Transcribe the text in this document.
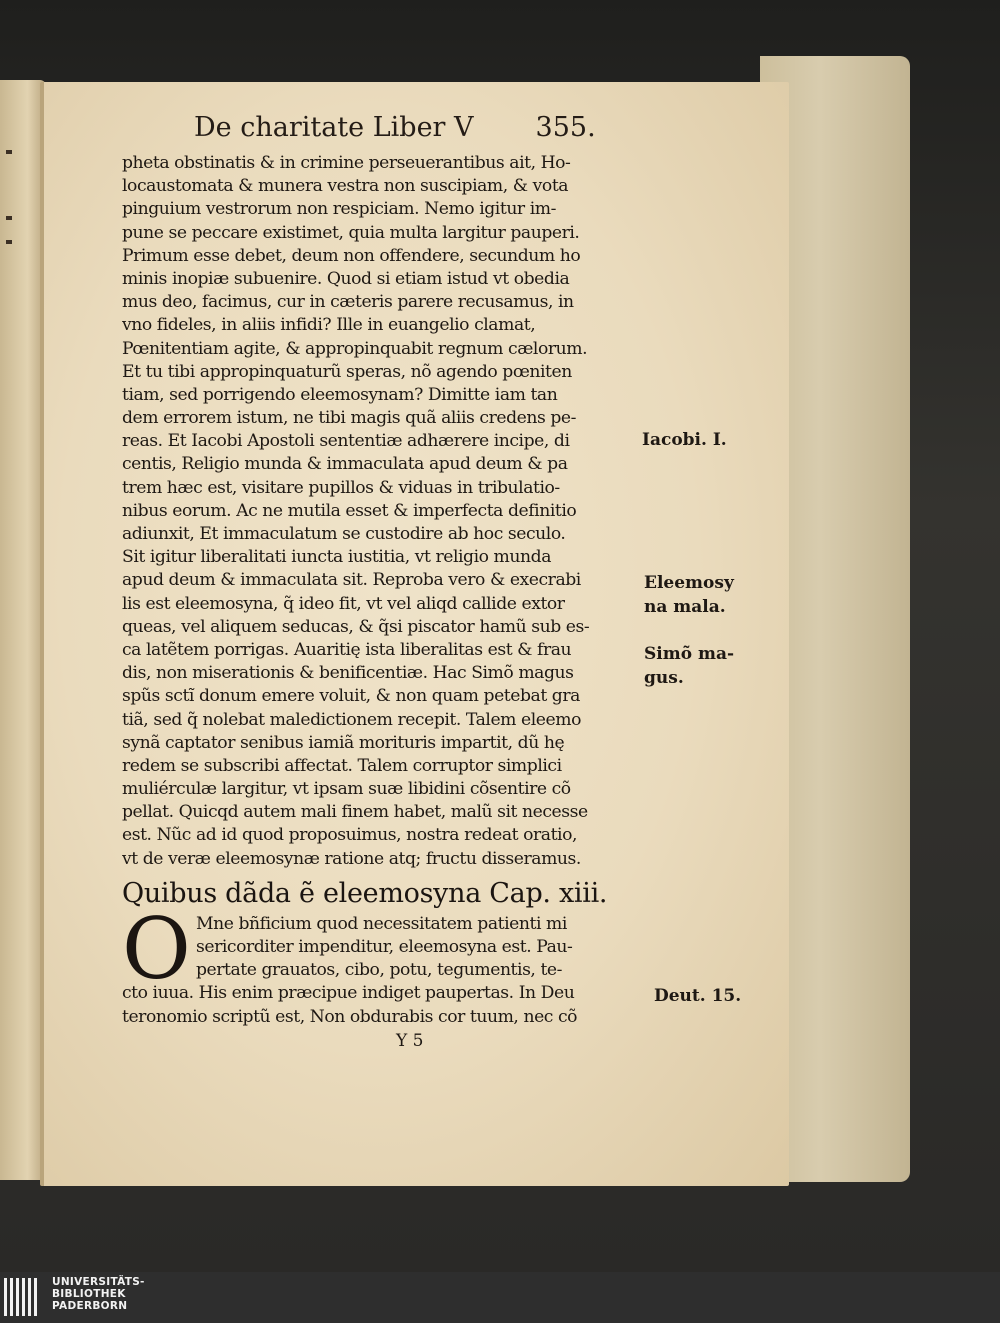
De charitate Liber V 355.
pheta obstinatis & in crimine perseuerantibus ait, Ho-
locaustomata & munera vestra non suscipiam, & vota
pinguium vestrorum non respiciam. Nemo igitur im-
pune se peccare existimet, quia multa largitur pauperi.
Primum esse debet, deum non offendere, secundum ho
minis inopiæ subuenire. Quod si etiam istud vt obedia
mus deo, facimus, cur in cæteris parere recusamus, in
vno fideles, in aliis infidi? Ille in euangelio clamat,
Pœnitentiam agite, & appropinquabit regnum cælorum.
Et tu tibi appropinquaturũ speras, nõ agendo pœniten
tiam, sed porrigendo eleemosynam? Dimitte iam tan
dem errorem istum, ne tibi magis quã aliis credens pe-
reas. Et Iacobi Apostoli sententiæ adhærere incipe, di
centis, Religio munda & immaculata apud deum & pa
trem hæc est, visitare pupillos & viduas in tribulatio-
nibus eorum. Ac ne mutila esset & imperfecta definitio
adiunxit, Et immaculatum se custodire ab hoc seculo.
Sit igitur liberalitati iuncta iustitia, vt religio munda
apud deum & immaculata sit. Reproba vero & execrabi
lis est eleemosyna, q̃ ideo fit, vt vel aliqd callide extor
queas, vel aliquem seducas, & q̃si piscator hamũ sub es-
ca latẽtem porrigas. Auaritię ista liberalitas est & frau
dis, non miserationis & benificentiæ. Hac Simõ magus
spũs sctĩ donum emere voluit, & non quam petebat gra
tiã, sed q̃ nolebat maledictionem recepit. Talem eleemo
synã captator senibus iamiã morituris impartit, dũ hę
redem se subscribi affectat. Talem corruptor simplici
muliérculæ largitur, vt ipsam suæ libidini cõsentire cõ
pellat. Quicqd autem mali finem habet, malũ sit necesse
est. Nũc ad id quod proposuimus, nostra redeat oratio,
vt de veræ eleemosynæ ratione atq; fructu disseramus.
Quibus dãda ẽ eleemosyna Cap. xiii.
O Mne bñficium quod necessitatem patienti mi
sericorditer impenditur, eleemosyna est. Pau-
pertate grauatos, cibo, potu, tegumentis, te-
cto iuua. His enim præcipue indiget paupertas. In Deu
teronomio scriptũ est, Non obdurabis cor tuum, nec cõ
Y 5
Iacobi. I.
Eleemosy
na mala.
Simõ ma-
gus.
Deut. 15.
UNIVERSITÄTS-
BIBLIOTHEK
PADERBORN
